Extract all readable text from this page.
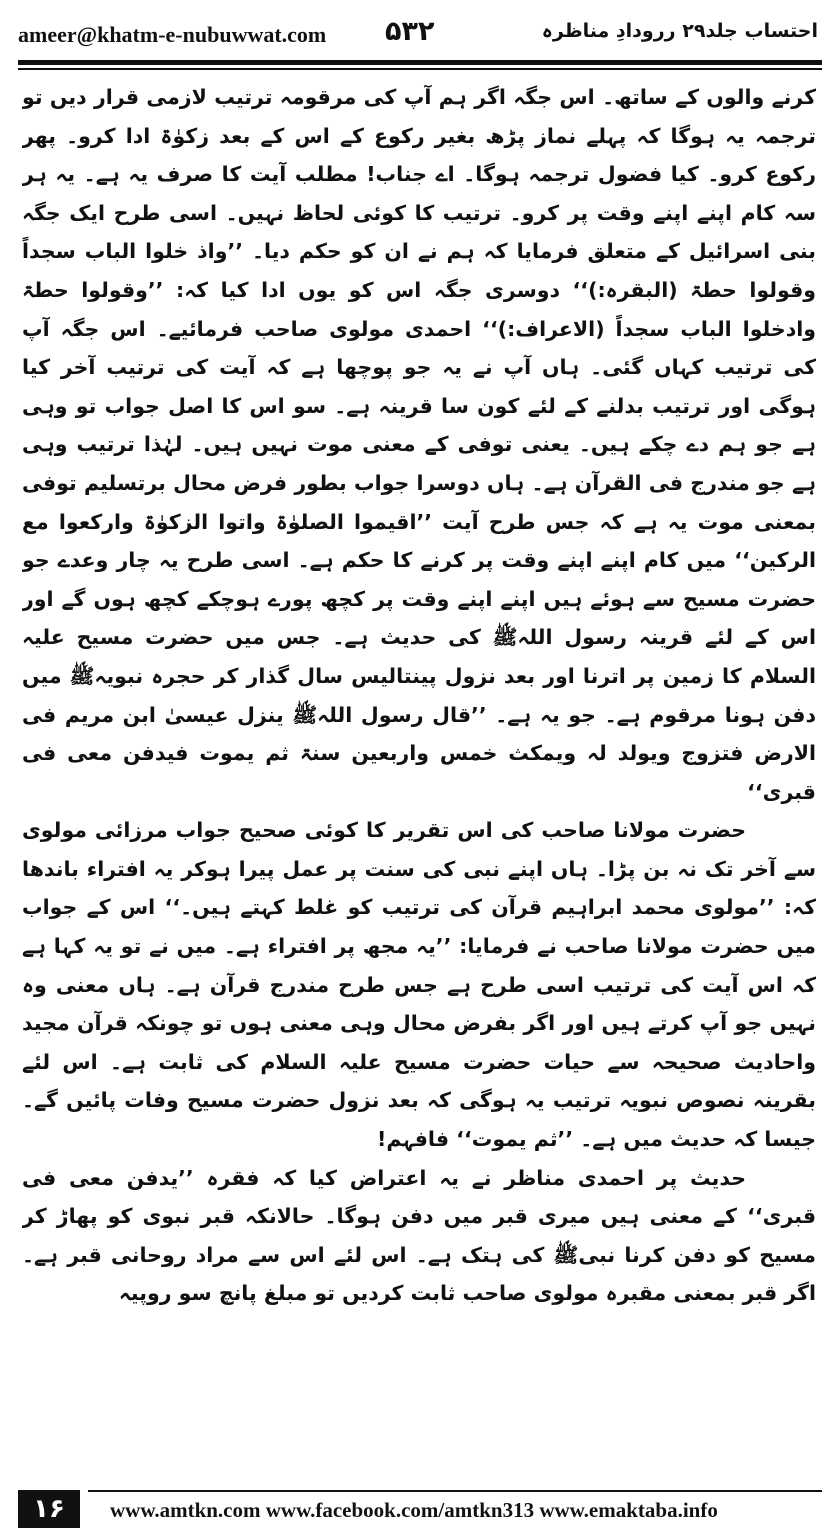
ameer@khatm-e-nubuwwat.com ۵۳۲	احتساب جلد۲۹ ررودادِ مناظرہ

کرنے والوں کے ساتھ۔ اس جگہ اگر ہم آپ کی مرقومہ ترتیب لازمی قرار دیں تو ترجمہ یہ ہوگا کہ پہلے نماز پڑھ بغیر رکوع کے اس کے بعد زکوٰۃ ادا کرو۔ پھر رکوع کرو۔ کیا فضول ترجمہ ہوگا۔ اے جناب! مطلب آیت کا صرف یہ ہے۔ یہ ہر سہ کام اپنے اپنے وقت پر کرو۔ ترتیب کا کوئی لحاظ نہیں۔ اسی طرح ایک جگہ بنی اسرائیل کے متعلق فرمایا کہ ہم نے ان کو حکم دیا۔ ’’واذ خلوا الباب سجداً وقولوا حطۃ (البقرہ:)‘‘ دوسری جگہ اس کو یوں ادا کیا کہ: ’’وقولوا حطۃ وادخلوا الباب سجداً (الاعراف:)‘‘ احمدی مولوی صاحب فرمائیے۔ اس جگہ آپ کی ترتیب کہاں گئی۔ ہاں آپ نے یہ جو پوچھا ہے کہ آیت کی ترتیب آخر کیا ہوگی اور ترتیب بدلنے کے لئے کون سا قرینہ ہے۔ سو اس کا اصل جواب تو وہی ہے جو ہم دے چکے ہیں۔ یعنی توفی کے معنی موت نہیں ہیں۔ لہٰذا ترتیب وہی ہے جو مندرج فی القرآن ہے۔ ہاں دوسرا جواب بطور فرض محال برتسلیم توفی بمعنی موت یہ ہے کہ جس طرح آیت ’’اقیموا الصلوٰۃ واتوا الزکوٰۃ وارکعوا مع الرکین‘‘ میں کام اپنے اپنے وقت پر کرنے کا حکم ہے۔ اسی طرح یہ چار وعدے جو حضرت مسیح سے ہوئے ہیں اپنے اپنے وقت پر کچھ پورے ہوچکے کچھ ہوں گے اور اس کے لئے قرینہ رسول اللہﷺ کی حدیث ہے۔ جس میں حضرت مسیح علیہ السلام کا زمین پر اترنا اور بعد نزول پینتالیس سال گذار کر حجرہ نبویہﷺ میں دفن ہونا مرقوم ہے۔ جو یہ ہے۔ ’’قال رسول اللہﷺ ینزل عیسیٰ ابن مریم فی الارض فتزوج ویولد لہ ویمکث خمس واربعین سنۃ ثم یموت فیدفن معی فی قبری‘‘

حضرت مولانا صاحب کی اس تقریر کا کوئی صحیح جواب مرزائی مولوی سے آخر تک نہ بن پڑا۔ ہاں اپنے نبی کی سنت پر عمل پیرا ہوکر یہ افتراء باندھا کہ: ’’مولوی محمد ابراہیم قرآن کی ترتیب کو غلط کہتے ہیں۔‘‘ اس کے جواب میں حضرت مولانا صاحب نے فرمایا: ’’یہ مجھ پر افتراء ہے۔ میں نے تو یہ کہا ہے کہ اس آیت کی ترتیب اسی طرح ہے جس طرح مندرج قرآن ہے۔ ہاں معنی وہ نہیں جو آپ کرتے ہیں اور اگر بفرض محال وہی معنی ہوں تو چونکہ قرآن مجید واحادیث صحیحہ سے حیات حضرت مسیح علیہ السلام کی ثابت ہے۔ اس لئے بقرینہ نصوص نبویہ ترتیب یہ ہوگی کہ بعد نزول حضرت مسیح وفات پائیں گے۔ جیسا کہ حدیث میں ہے۔ ’’ثم یموت‘‘ فافہم!

حدیث پر احمدی مناظر نے یہ اعتراض کیا کہ فقرہ ’’یدفن معی فی قبری‘‘ کے معنی ہیں میری قبر میں دفن ہوگا۔ حالانکہ قبر نبوی کو پھاڑ کر مسیح کو دفن کرنا نبیﷺ کی ہتک ہے۔ اس لئے اس سے مراد روحانی قبر ہے۔ اگر قبر بمعنی مقبرہ مولوی صاحب ثابت کردیں تو مبلغ پانچ سو روپیہ

۱۶	www.amtkn.com www.facebook.com/amtkn313 www.emaktaba.info
